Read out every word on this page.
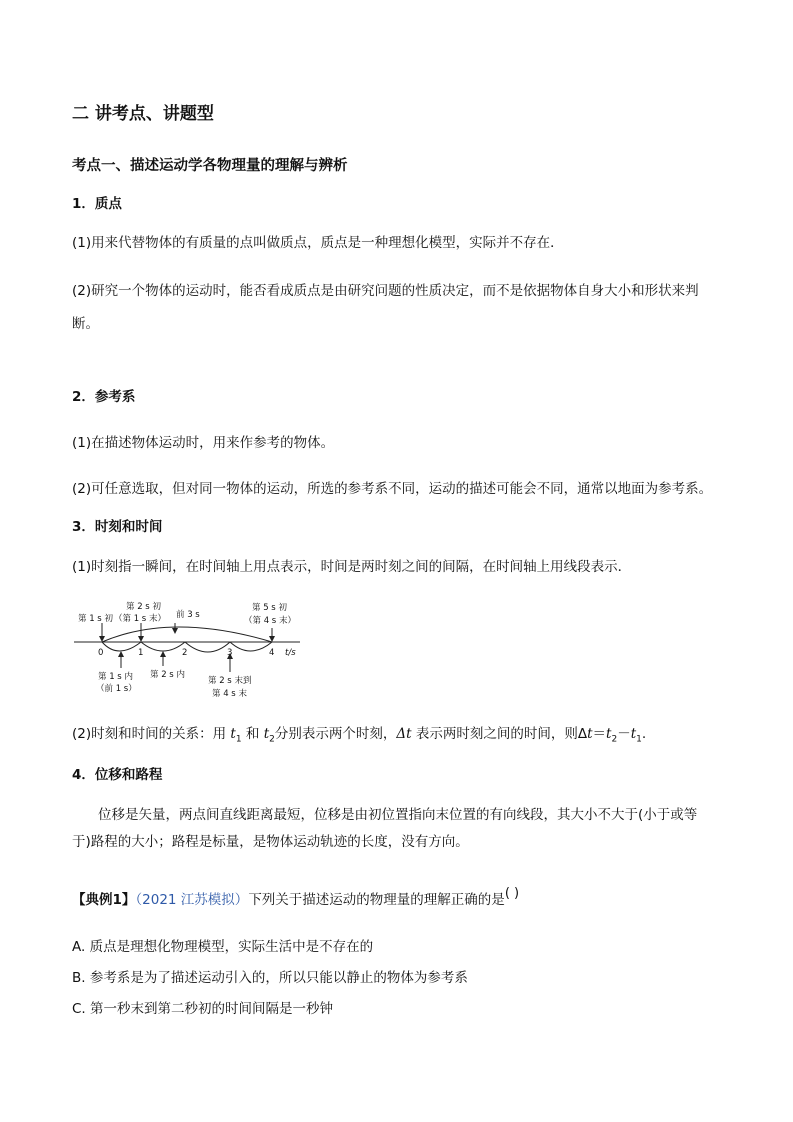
二 讲考点、讲题型
考点一、描述运动学各物理量的理解与辨析
1．质点
(1)用来代替物体的有质量的点叫做质点，质点是一种理想化模型，实际并不存在．
(2)研究一个物体的运动时，能否看成质点是由研究问题的性质决定，而不是依据物体自身大小和形状来判
断。
2．参考系
(1)在描述物体运动时，用来作参考的物体。
(2)可任意选取，但对同一物体的运动，所选的参考系不同，运动的描述可能会不同，通常以地面为参考系。
3．时刻和时间
(1)时刻指一瞬间，在时间轴上用点表示，时间是两时刻之间的间隔，在时间轴上用线段表示．
0	1	2	3	4 t/s
第 1 s 初
第 2 s 初
（第 1 s 末） 前 3 s
第 5 s 初
（第 4 s 末）
第 1 s 内
（前 1 s）
第 2 s 内
第 2 s 末到
第 4 s 末
(2)时刻和时间的关系：用 $t_1$ 和 $t_2$分别表示两个时刻，Δt 表示两时刻之间的时间，则$\Delta t=t_2-t_1$.
4．位移和路程
位移是矢量，两点间直线距离最短，位移是由初位置指向末位置的有向线段，其大小不大于(小于或等
于)路程的大小；路程是标量，是物体运动轨迹的长度，没有方向。
【典例1】（2021 江苏模拟）下列关于描述运动的物理量的理解正确的是( )
A. 质点是理想化物理模型，实际生活中是不存在的
B. 参考系是为了描述运动引入的，所以只能以静止的物体为参考系
C. 第一秒末到第二秒初的时间间隔是一秒钟
